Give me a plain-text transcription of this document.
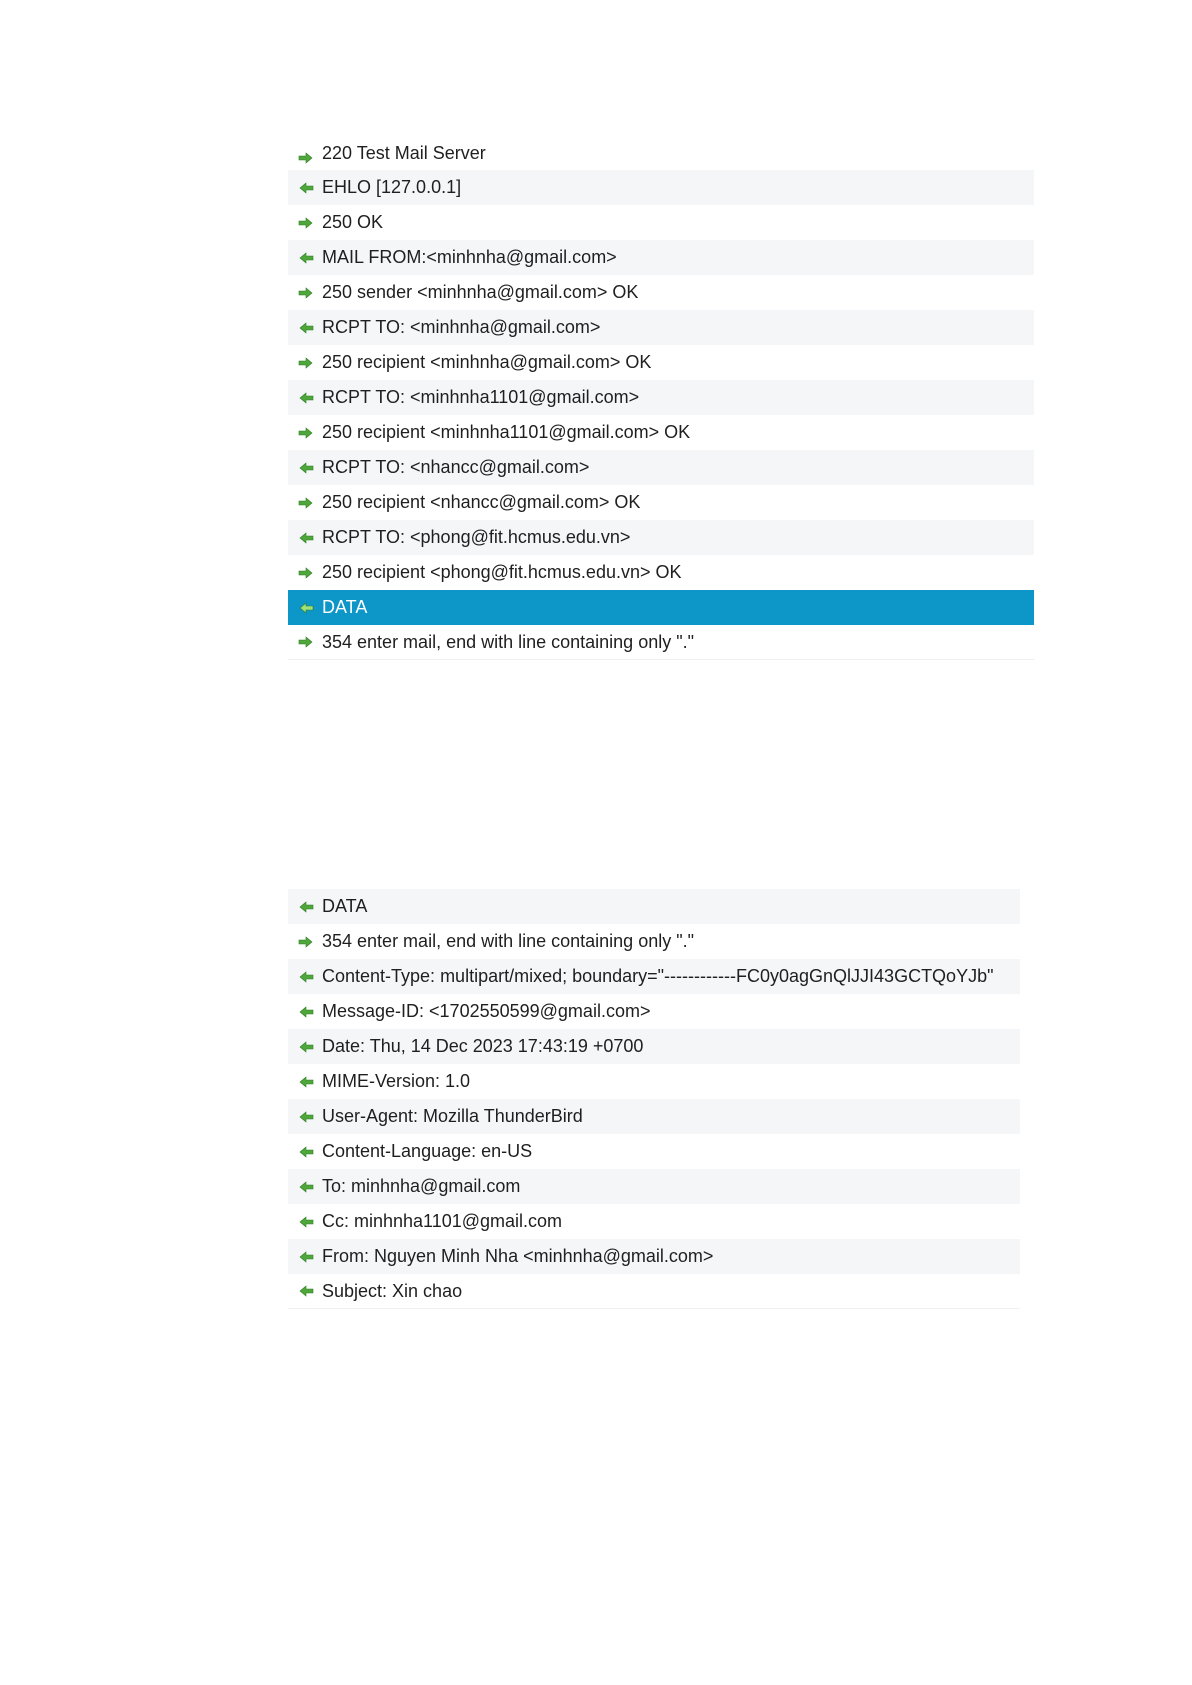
220 Test Mail Server
EHLO [127.0.0.1]
250 OK
MAIL FROM:<minhnha@gmail.com>
250 sender <minhnha@gmail.com> OK
RCPT TO: <minhnha@gmail.com>
250 recipient <minhnha@gmail.com> OK
RCPT TO: <minhnha1101@gmail.com>
250 recipient <minhnha1101@gmail.com> OK
RCPT TO: <nhancc@gmail.com>
250 recipient <nhancc@gmail.com> OK
RCPT TO: <phong@fit.hcmus.edu.vn>
250 recipient <phong@fit.hcmus.edu.vn> OK
DATA
354 enter mail, end with line containing only "."
DATA
354 enter mail, end with line containing only "."
Content-Type: multipart/mixed; boundary="------------FC0y0agGnQlJJI43GCTQoYJb"
Message-ID: <1702550599@gmail.com>
Date: Thu, 14 Dec 2023 17:43:19 +0700
MIME-Version: 1.0
User-Agent: Mozilla ThunderBird
Content-Language: en-US
To: minhnha@gmail.com
Cc: minhnha1101@gmail.com
From: Nguyen Minh Nha <minhnha@gmail.com>
Subject: Xin chao
